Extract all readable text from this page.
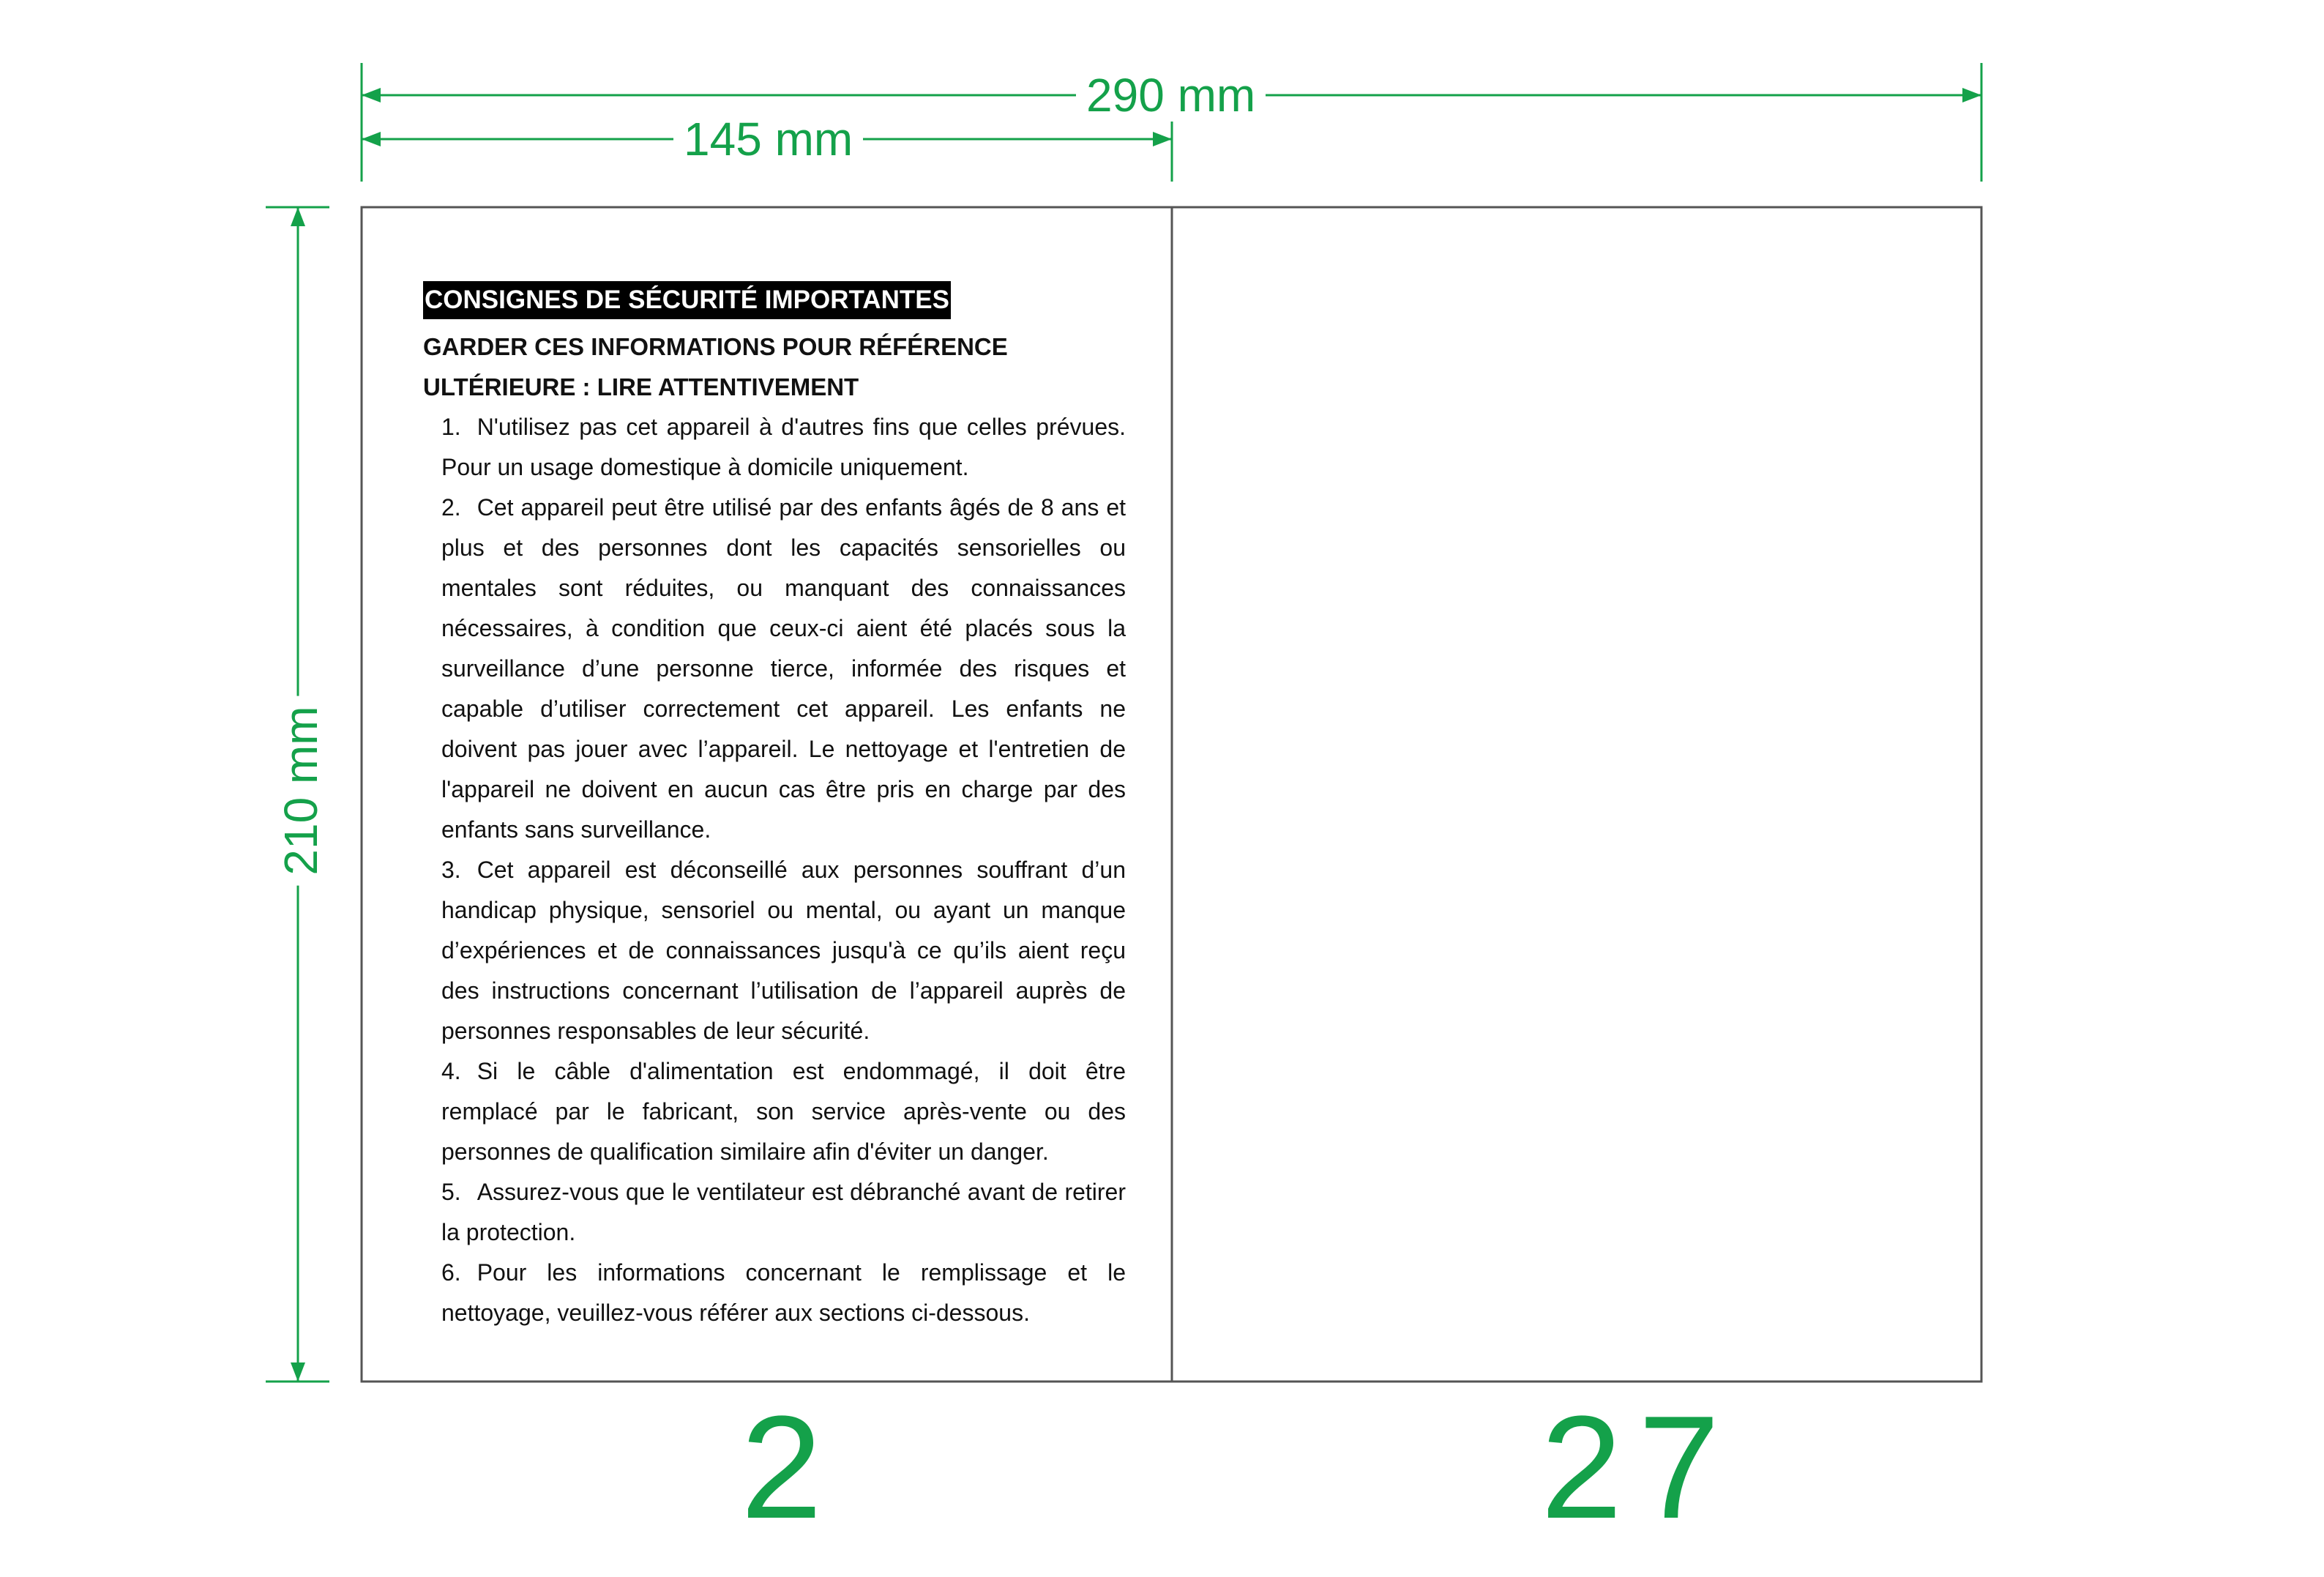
290 mm
145 mm
210 mm
CONSIGNES DE SÉCURITÉ IMPORTANTES
GARDER CES INFORMATIONS POUR RÉFÉRENCE
ULTÉRIEURE : LIRE ATTENTIVEMENT
1. N'utilisez pas cet appareil à d'autres fins que celles prévues. Pour un usage domestique à domicile uniquement.
2. Cet appareil peut être utilisé par des enfants âgés de 8 ans et plus et des personnes dont les capacités sensorielles ou mentales sont réduites, ou manquant des connaissances nécessaires, à condition que ceux-ci aient été placés sous la surveillance d’une personne tierce, informée des risques et capable d’utiliser correctement cet appareil. Les enfants ne doivent pas jouer avec l’appareil. Le nettoyage et l'entretien de l'appareil ne doivent en aucun cas être pris en charge par des enfants sans surveillance.
3. Cet appareil est déconseillé aux personnes souffrant d’un handicap physique, sensoriel ou mental, ou ayant un manque d’expériences et de connaissances jusqu'à ce qu’ils aient reçu des instructions concernant l’utilisation de l’appareil auprès de personnes responsables de leur sécurité.
4. Si le câble d'alimentation est endommagé, il doit être remplacé par le fabricant, son service après-vente ou des personnes de qualification similaire afin d'éviter un danger.
5. Assurez-vous que le ventilateur est débranché avant de retirer la protection.
6. Pour les informations concernant le remplissage et le nettoyage, veuillez-vous référer aux sections ci-dessous.
2	27
